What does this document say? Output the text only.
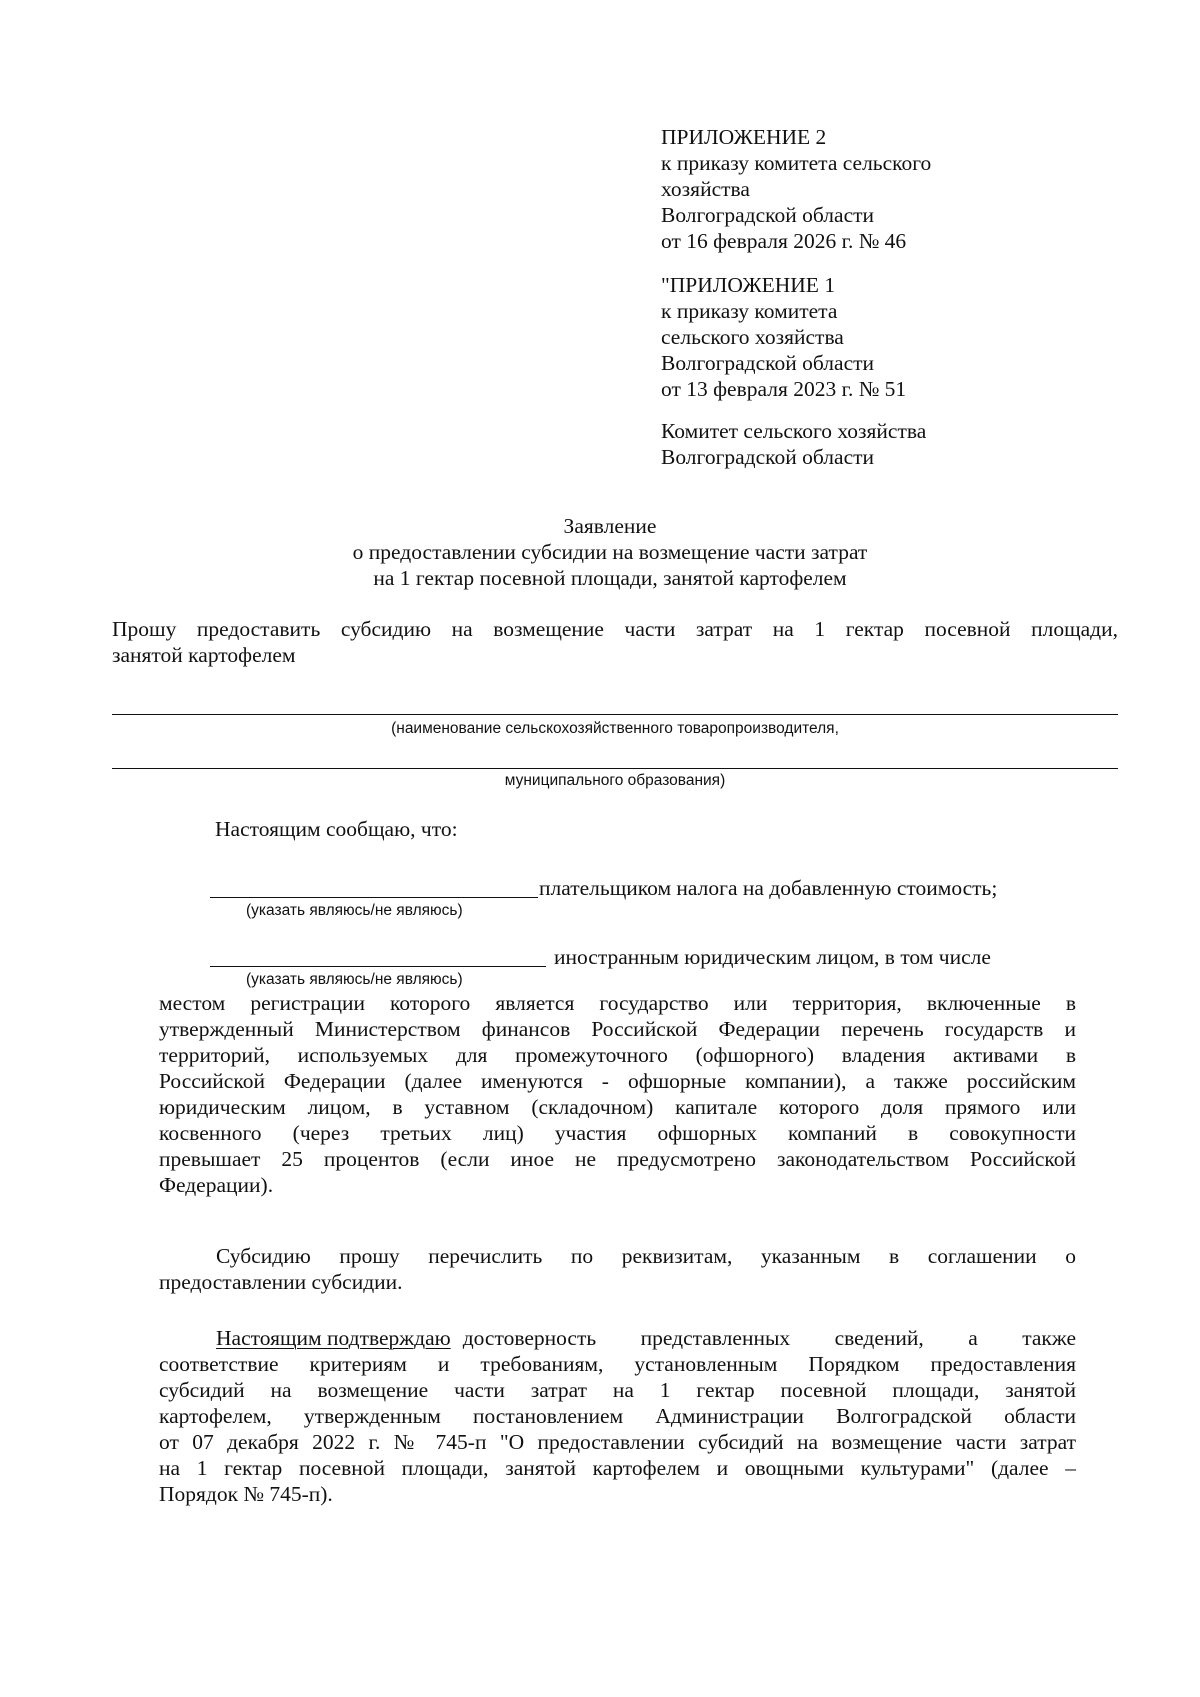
ПРИЛОЖЕНИЕ 2
к приказу комитета сельского
хозяйства
Волгоградской области
от 16 февраля 2026 г. № 46
"ПРИЛОЖЕНИЕ 1
к приказу комитета
сельского хозяйства
Волгоградской области
от 13 февраля 2023 г. № 51
Комитет сельского хозяйства
Волгоградской области
Заявление
о предоставлении субсидии на возмещение части затрат
на 1 гектар посевной площади, занятой картофелем
Прошу предоставить субсидию на возмещение части затрат на 1 гектар посевной площади,
занятой картофелем
(наименование сельскохозяйственного товаропроизводителя,
муниципального образования)
Настоящим сообщаю, что:
плательщиком налога на добавленную стоимость;
(указать являюсь/не являюсь)
иностранным юридическим лицом, в том числе
(указать являюсь/не являюсь)
местом регистрации которого является государство или территория, включенные в
утвержденный Министерством финансов Российской Федерации перечень государств и
территорий, используемых для промежуточного (офшорного) владения активами в
Российской Федерации (далее именуются - офшорные компании), а также российским
юридическим лицом, в уставном (складочном) капитале которого доля прямого или
косвенного (через третьих лиц) участия офшорных компаний в совокупности
превышает 25 процентов (если иное не предусмотрено законодательством Российской
Федерации).
Субсидию прошу перечислить по реквизитам, указанным в соглашении о
предоставлении субсидии.
Настоящим подтверждаю достоверность представленных сведений, а также
соответствие критериям и требованиям, установленным Порядком предоставления
субсидий на возмещение части затрат на 1 гектар посевной площади, занятой
картофелем, утвержденным постановлением Администрации Волгоградской области
от 07 декабря 2022 г. № 745-п "О предоставлении субсидий на возмещение части затрат
на 1 гектар посевной площади, занятой картофелем и овощными культурами" (далее –
Порядок № 745-п).
